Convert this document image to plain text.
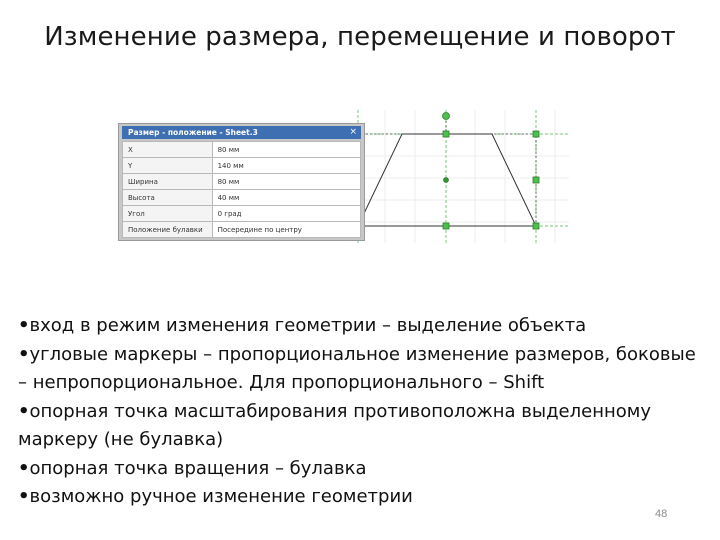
Изменение размера, перемещение и поворот
Размер - положение - Sheet.3	×
X	80 мм
Y	140 мм
Ширина	80 мм
Высота	40 мм
Угол	0 град
Положение булавки	Посередине по центру
•вход в режим изменения геометрии – выделение объекта
•угловые маркеры – пропорциональное изменение размеров, боковые – непропорциональное. Для пропорционального – Shift
•опорная точка масштабирования противоположна выделенному маркеру (не булавка)
•опорная точка вращения – булавка
•возможно ручное изменение геометрии
48
